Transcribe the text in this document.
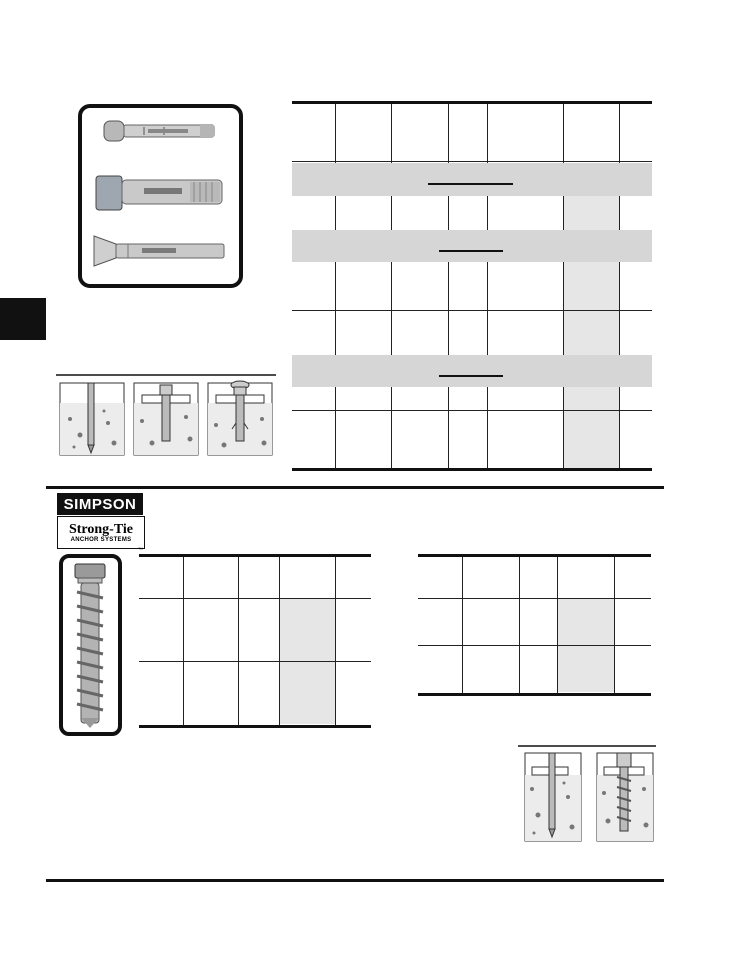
SIMPSON
Strong-Tie
ANCHOR SYSTEMS
™
